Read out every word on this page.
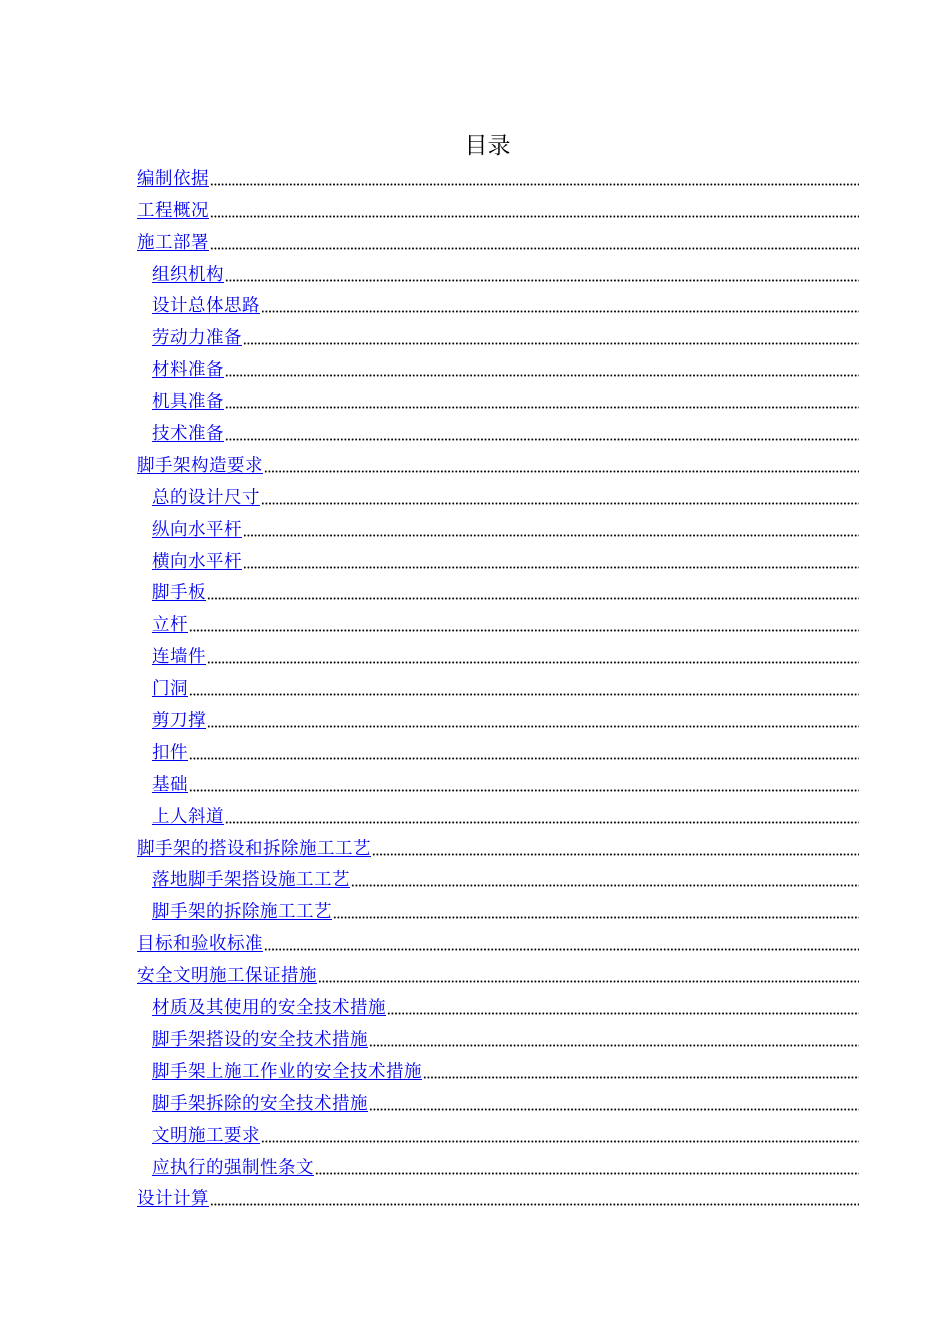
目录
编制依据
工程概况
施工部署
组织机构
设计总体思路
劳动力准备
材料准备
机具准备
技术准备
脚手架构造要求
总的设计尺寸
纵向水平杆
横向水平杆
脚手板
立杆
连墙件
门洞
剪刀撑
扣件
基础
上人斜道
脚手架的搭设和拆除施工工艺
落地脚手架搭设施工工艺
脚手架的拆除施工工艺
目标和验收标准
安全文明施工保证措施
材质及其使用的安全技术措施
脚手架搭设的安全技术措施
脚手架上施工作业的安全技术措施
脚手架拆除的安全技术措施
文明施工要求
应执行的强制性条文
设计计算
